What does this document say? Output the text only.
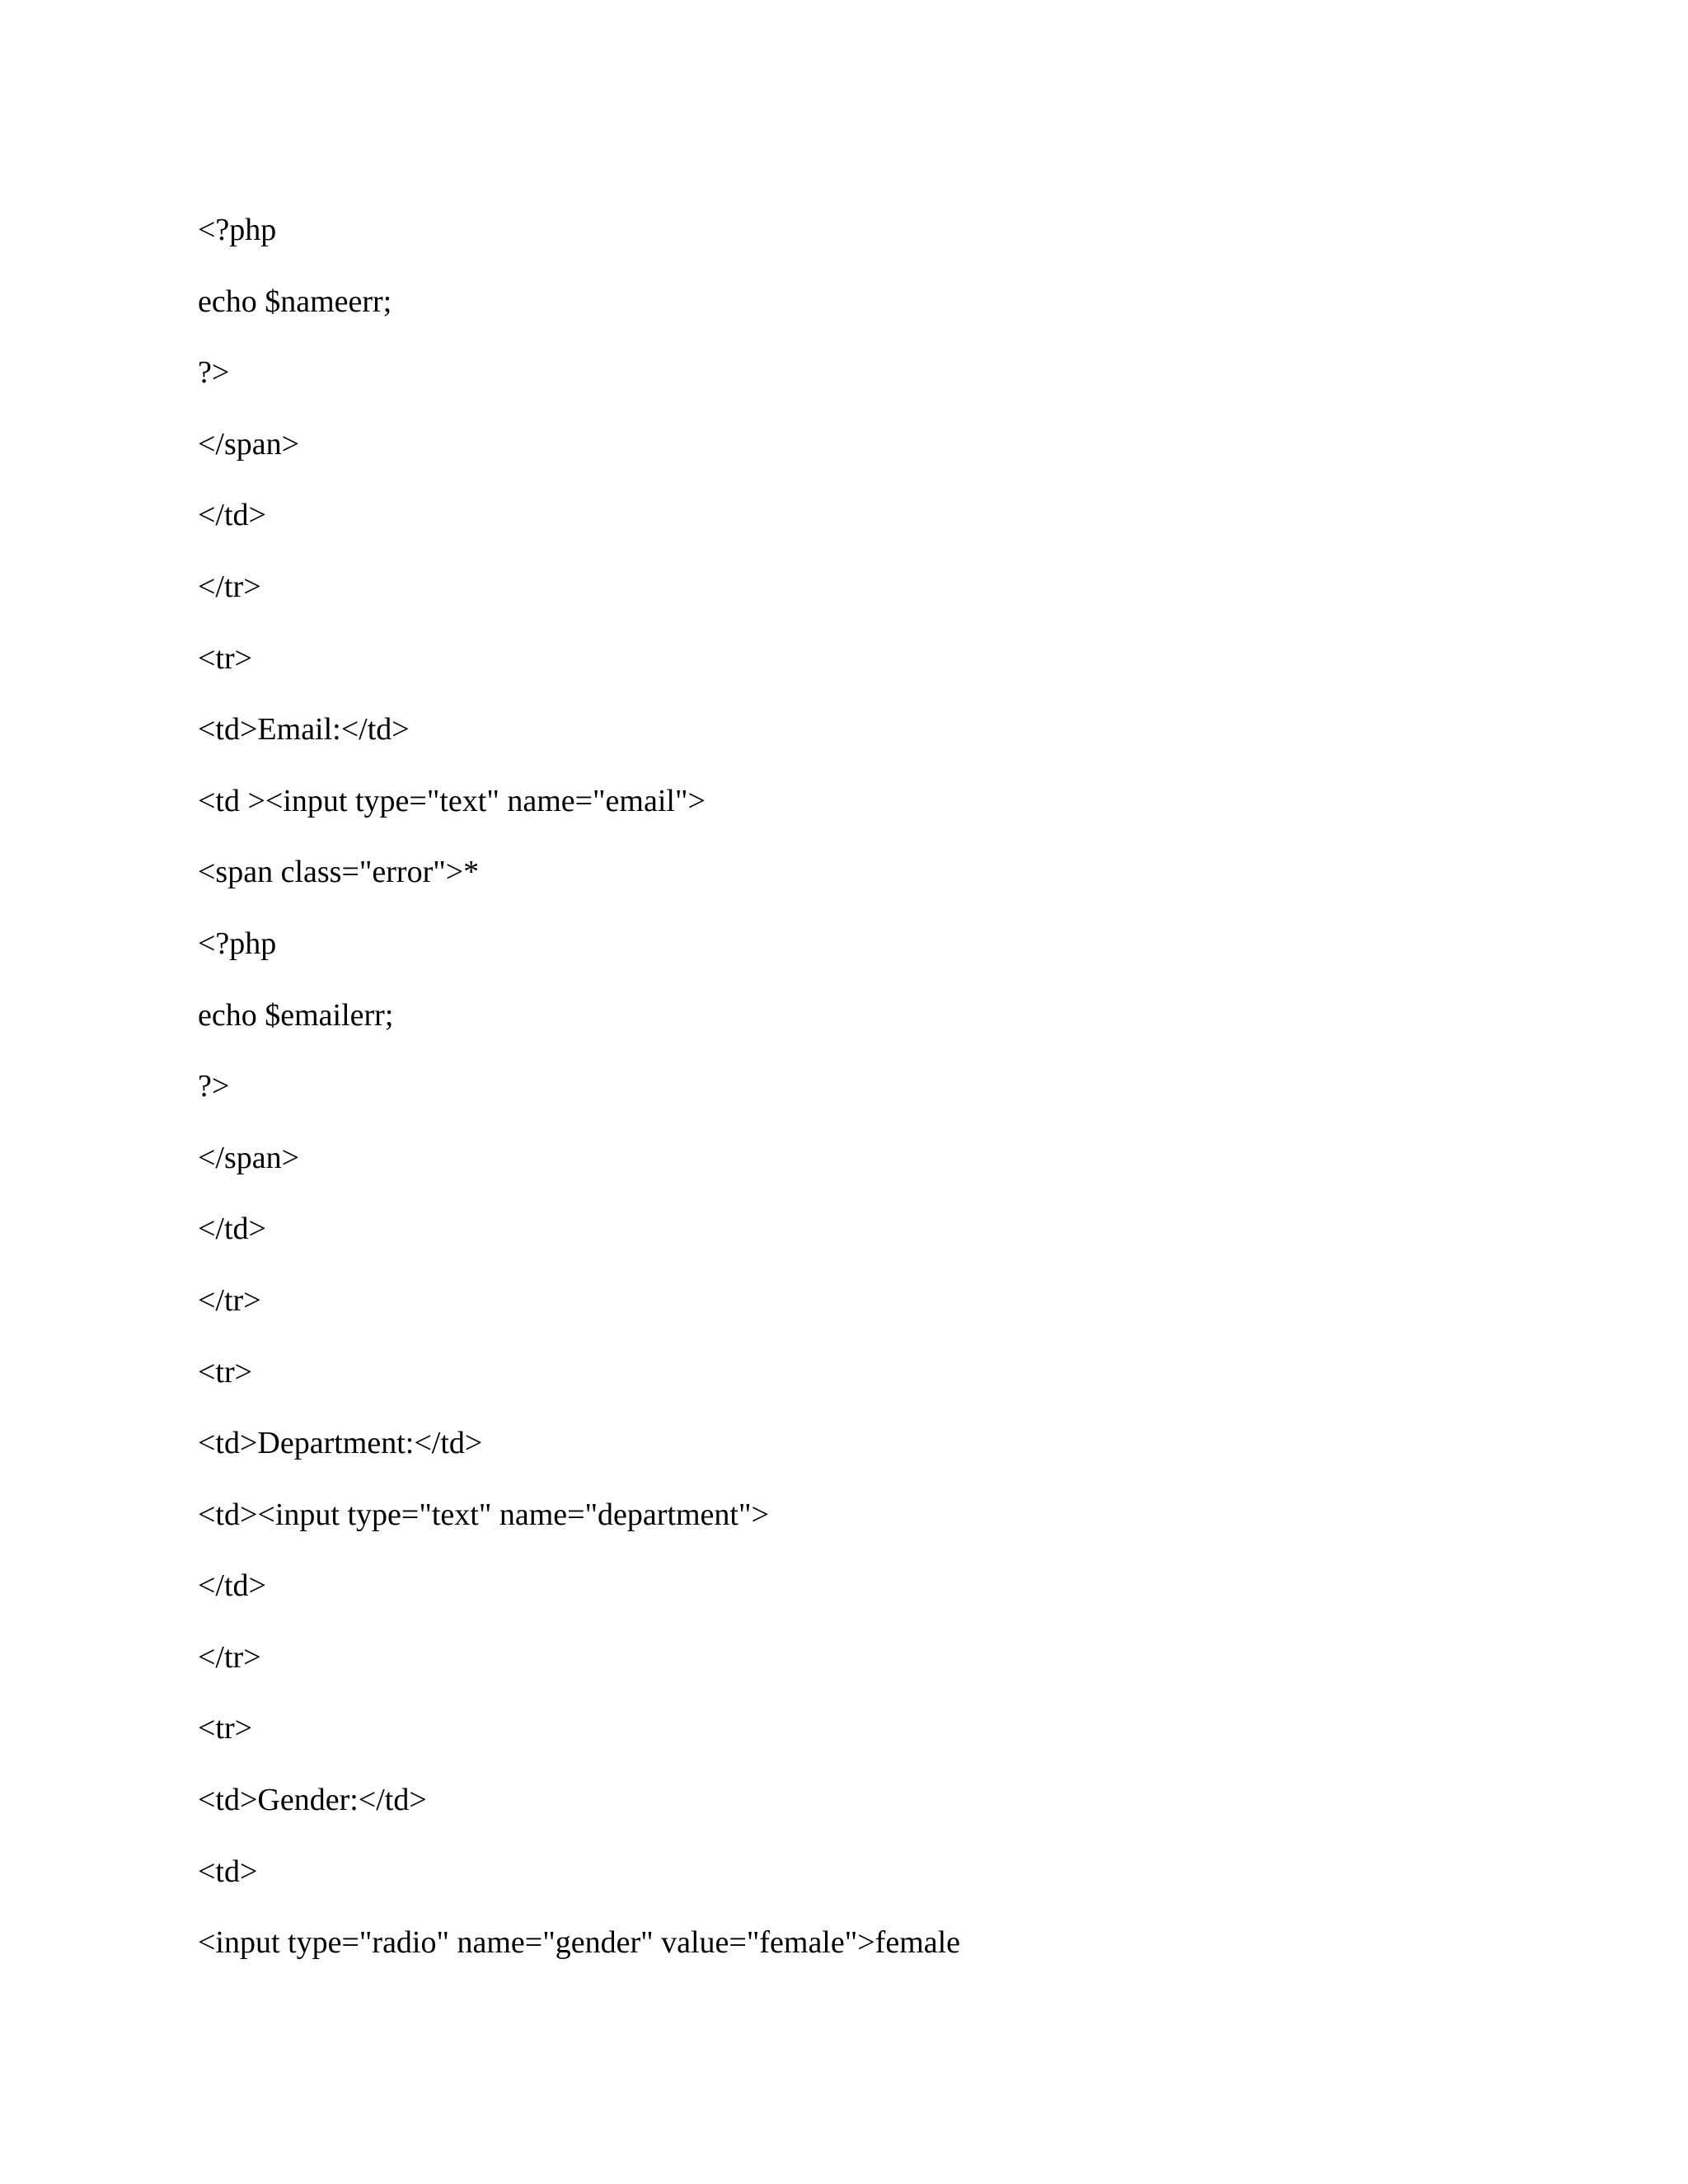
<?php
echo $nameerr;
?>
</span>
</td>
</tr>
<tr>
<td>Email:</td>
<td ><input type="text" name="email">
<span class="error">*
<?php
echo $emailerr;
?>
</span>
</td>
</tr>
<tr>
<td>Department:</td>
<td><input type="text" name="department">
</td>
</tr>
<tr>
<td>Gender:</td>
<td>
<input type="radio" name="gender" value="female">female
